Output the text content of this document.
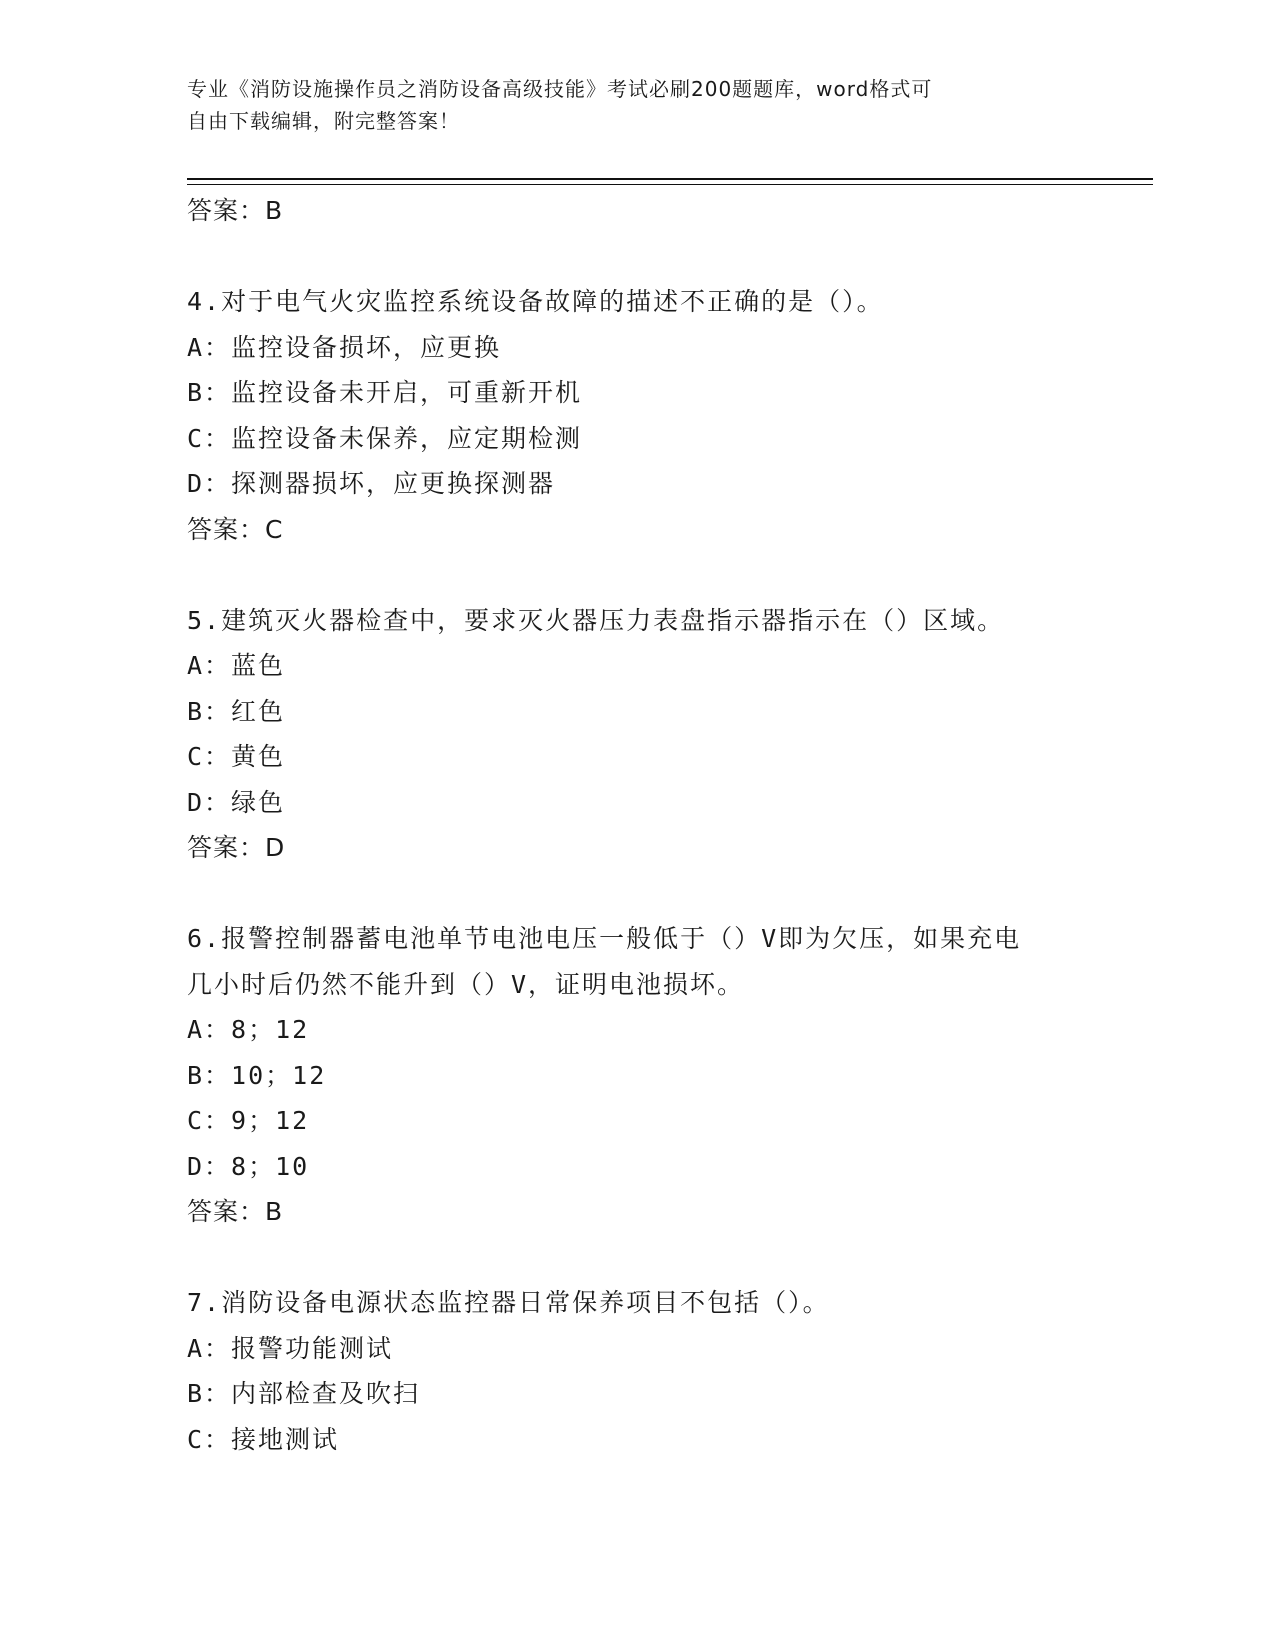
专业《消防设施操作员之消防设备高级技能》考试必刷200题题库，word格式可
自由下载编辑，附完整答案！
答案：B
4.对于电气火灾监控系统设备故障的描述不正确的是（）。
A：监控设备损坏，应更换
B：监控设备未开启，可重新开机
C：监控设备未保养，应定期检测
D：探测器损坏，应更换探测器
答案：C
5.建筑灭火器检查中，要求灭火器压力表盘指示器指示在（）区域。
A：蓝色
B：红色
C：黄色
D：绿色
答案：D
6.报警控制器蓄电池单节电池电压一般低于（）V即为欠压，如果充电
几小时后仍然不能升到（）V，证明电池损坏。
A：8；12
B：10；12
C：9；12
D：8；10
答案：B
7.消防设备电源状态监控器日常保养项目不包括（）。
A：报警功能测试
B：内部检查及吹扫
C：接地测试
